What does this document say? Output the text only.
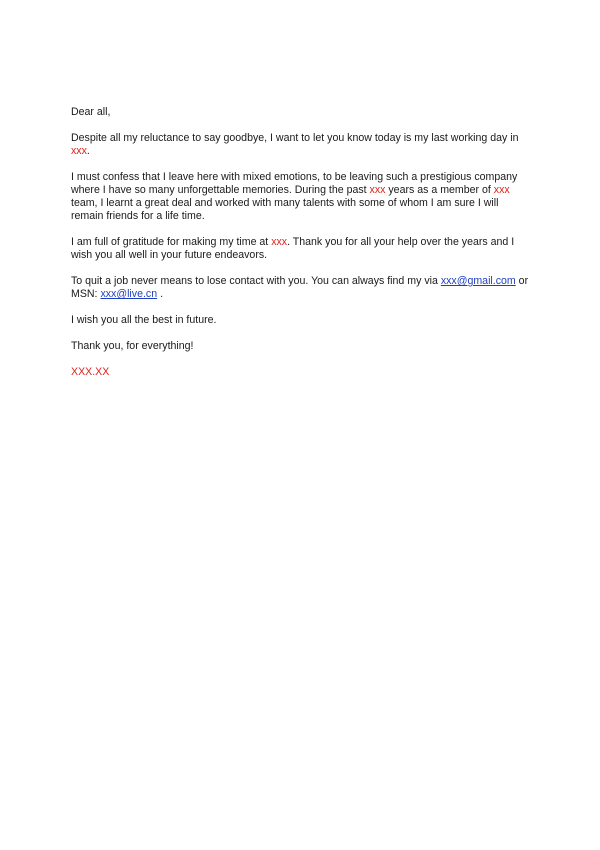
Dear all,

Despite all my reluctance to say goodbye, I want to let you know today is my last working day in xxx.

I must confess that I leave here with mixed emotions, to be leaving such a prestigious company where I have so many unforgettable memories. During the past xxx years as a member of xxx team, I learnt a great deal and worked with many talents with some of whom I am sure I will remain friends for a life time.

I am full of gratitude for making my time at xxx. Thank you for all your help over the years and I wish you all well in your future endeavors.

To quit a job never means to lose contact with you. You can always find my via xxx@gmail.com or MSN: xxx@live.cn .

I wish you all the best in future.

Thank you, for everything!

XXX.XX
